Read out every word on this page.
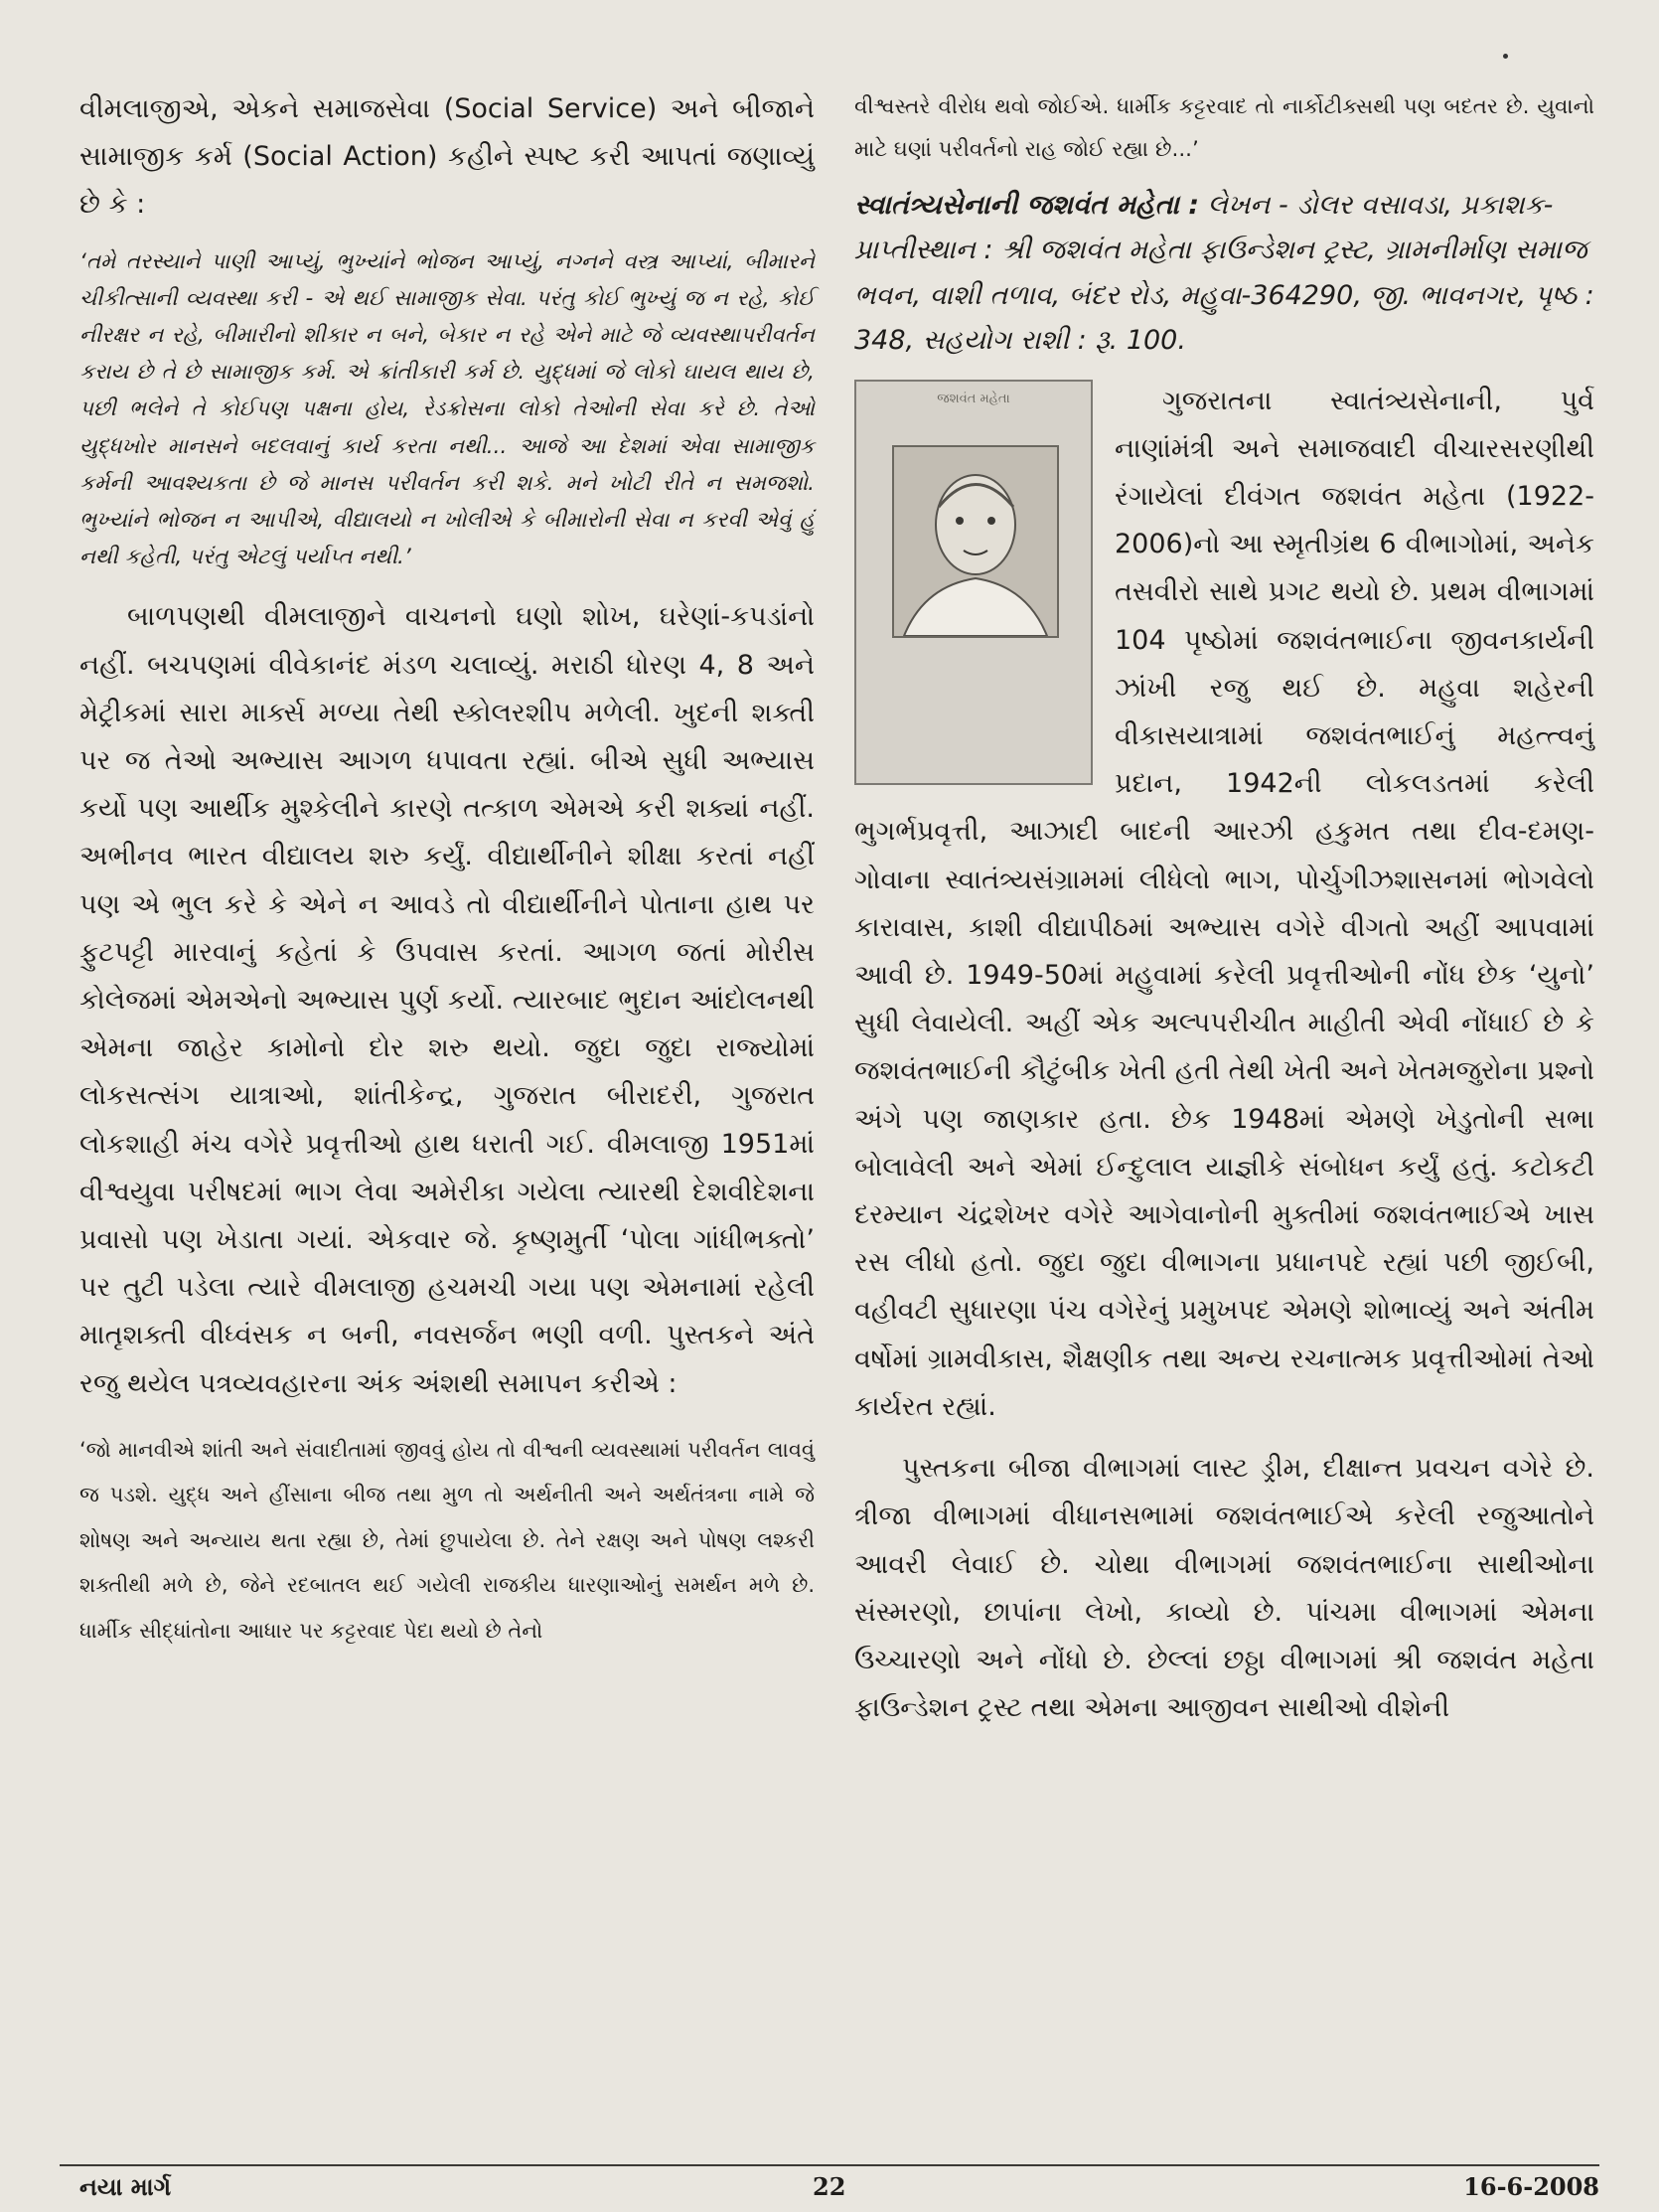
વીમલાજીએ, એકને સમાજસેવા (Social Service) અને બીજાને સામાજીક કર્મ (Social Action) કહીને સ્પષ્ટ કરી આપતાં જણાવ્યું છે કે :

‘તમે તરસ્યાને પાણી આપ્યું, ભુખ્યાંને ભોજન આપ્યું, નગ્નને વસ્ત્ર આપ્યાં, બીમારને ચીકીત્સાની વ્યવસ્થા કરી - એ થઈ સામાજીક સેવા. પરંતુ કોઈ ભુખ્યું જ ન રહે, કોઈ નીરક્ષર ન રહે, બીમારીનો શીકાર ન બને, બેકાર ન રહે એને માટે જે વ્યવસ્થાપરીવર્તન કરાય છે તે છે સામાજીક કર્મ. એ ક્રાંતીકારી કર્મ છે. યુદ્ધમાં જે લોકો ઘાયલ થાય છે, પછી ભલેને તે કોઈપણ પક્ષના હોય, રેડક્રોસના લોકો તેઓની સેવા કરે છે. તેઓ યુદ્ધખોર માનસને બદલવાનું કાર્ય કરતા નથી... આજે આ દેશમાં એવા સામાજીક કર્મની આવશ્યકતા છે જે માનસ પરીવર્તન કરી શકે. મને ખોટી રીતે ન સમજશો. ભુખ્યાંને ભોજન ન આપીએ, વીદ્યાલયો ન ખોલીએ કે બીમારોની સેવા ન કરવી એવું હું નથી કહેતી, પરંતુ એટલું પર્યાપ્ત નથી.’

બાળપણથી વીમલાજીને વાચનનો ઘણો શોખ, ઘરેણાં-કપડાંનો નહીં. બચપણમાં વીવેકાનંદ મંડળ ચલાવ્યું. મરાઠી ધોરણ 4, 8 અને મેટ્રીકમાં સારા માર્ક્સ મળ્યા તેથી સ્કોલરશીપ મળેલી. ખુદની શક્તી પર જ તેઓ અભ્યાસ આગળ ધપાવતા રહ્યાં. બીએ સુધી અભ્યાસ કર્યો પણ આર્થીક મુશ્કેલીને કારણે તત્કાળ એમએ કરી શક્યાં નહીં. અભીનવ ભારત વીદ્યાલય શરુ કર્યું. વીદ્યાર્થીનીને શીક્ષા કરતાં નહીં પણ એ ભુલ કરે કે એને ન આવડે તો વીદ્યાર્થીનીને પોતાના હાથ પર ફુટપટ્ટી મારવાનું કહેતાં કે ઉપવાસ કરતાં. આગળ જતાં મોરીસ કોલેજમાં એમએનો અભ્યાસ પુર્ણ કર્યો. ત્યારબાદ ભુદાન આંદોલનથી એમના જાહેર કામોનો દોર શરુ થયો. જુદા જુદા રાજ્યોમાં લોકસત્સંગ યાત્રાઓ, શાંતીકેન્દ્ર, ગુજરાત બીરાદરી, ગુજરાત લોકશાહી મંચ વગેરે પ્રવૃત્તીઓ હાથ ધરાતી ગઈ. વીમલાજી 1951માં વીશ્વયુવા પરીષદમાં ભાગ લેવા અમેરીકા ગયેલા ત્યારથી દેશવીદેશના પ્રવાસો પણ ખેડાતા ગયાં. એકવાર જે. કૃષ્ણમુર્તી ‘પોલા ગાંધીભક્તો’ પર તુટી પડેલા ત્યારે વીમલાજી હચમચી ગયા પણ એમનામાં રહેલી માતૃશક્તી વીધ્વંસક ન બની, નવસર્જન ભણી વળી. પુસ્તકને અંતે રજુ થયેલ પત્રવ્યવહારના અંક અંશથી સમાપન કરીએ :

‘જો માનવીએ શાંતી અને સંવાદીતામાં જીવવું હોય તો વીશ્વની વ્યવસ્થામાં પરીવર્તન લાવવું જ પડશે. યુદ્ધ અને હીંસાના બીજ તથા મુળ તો અર્થનીતી અને અર્થતંત્રના નામે જે શોષણ અને અન્યાય થતા રહ્યા છે, તેમાં છુપાયેલા છે. તેને રક્ષણ અને પોષણ લશ્કરી શક્તીથી મળે છે, જેને રદબાતલ થઈ ગયેલી રાજકીય ધારણાઓનું સમર્થન મળે છે. ધાર્મીક સીદ્ધાંતોના આધાર પર કટ્ટરવાદ પેદા થયો છે તેનો

વીશ્વસ્તરે વીરોધ થવો જોઈએ. ધાર્મીક કટ્ટરવાદ તો નાર્કોટીક્સથી પણ બદતર છે. યુવાનો માટે ઘણાં પરીવર્તનો રાહ જોઈ રહ્યા છે...’

સ્વાતંત્ર્યસેનાની જશવંત મહેતા : લેખન - ડોલર વસાવડા, પ્રકાશક- પ્રાપ્તીસ્થાન : શ્રી જશવંત મહેતા ફાઉન્ડેશન ટ્રસ્ટ, ગ્રામનીર્માણ સમાજ ભવન, વાશી તળાવ, બંદર રોડ, મહુવા-364290, જી. ભાવનગર, પૃષ્ઠ : 348, સહયોગ રાશી : રૂ. 100.

જશવંત મહેતા	ગુજરાતના સ્વાતંત્ર્યસેનાની, પુર્વ નાણાંમંત્રી અને સમાજવાદી વીચારસરણીથી રંગાયેલાં દીવંગત જશવંત મહેતા (1922-2006)નો આ સ્મૃતીગ્રંથ 6 વીભાગોમાં, અનેક તસવીરો સાથે પ્રગટ થયો છે. પ્રથમ વીભાગમાં 104 પૃષ્ઠોમાં જશવંતભાઈના જીવનકાર્યની ઝાંખી રજુ થઈ છે. મહુવા શહેરની વીકાસયાત્રામાં જશવંતભાઈનું મહત્ત્વનું પ્રદાન, 1942ની લોકલડતમાં કરેલી ભુગર્ભપ્રવૃત્તી, આઝાદી બાદની આરઝી હકુમત તથા દીવ-દમણ- ગોવાના સ્વાતંત્ર્યસંગ્રામમાં લીધેલો ભાગ, પોર્ચુગીઝશાસનમાં ભોગવેલો કારાવાસ, કાશી વીદ્યાપીઠમાં અભ્યાસ વગેરે વીગતો અહીં આપવામાં આવી છે. 1949-50માં મહુવામાં કરેલી પ્રવૃત્તીઓની નોંધ છેક ‘યુનો’ સુધી લેવાયેલી. અહીં એક અલ્પપરીચીત માહીતી એવી નોંધાઈ છે કે જશવંતભાઈની કૌટુંબીક ખેતી હતી તેથી ખેતી અને ખેતમજુરોના પ્રશ્નો અંગે પણ જાણકાર હતા. છેક 1948માં એમણે ખેડુતોની સભા બોલાવેલી અને એમાં ઈન્દુલાલ યાજ્ઞીકે સંબોધન કર્યું હતું. કટોકટી દરમ્યાન ચંદ્રશેખર વગેરે આગેવાનોની મુક્તીમાં જશવંતભાઈએ ખાસ રસ લીધો હતો. જુદા જુદા વીભાગના પ્રધાનપદે રહ્યાં પછી જીઈબી, વહીવટી સુધારણા પંચ વગેરેનું પ્રમુખપદ એમણે શોભાવ્યું અને અંતીમ વર્ષોમાં ગ્રામવીકાસ, શૈક્ષણીક તથા અન્ય રચનાત્મક પ્રવૃત્તીઓમાં તેઓ કાર્યરત રહ્યાં.

પુસ્તકના બીજા વીભાગમાં લાસ્ટ ડ્રીમ, દીક્ષાન્ત પ્રવચન વગેરે છે. ત્રીજા વીભાગમાં વીધાનસભામાં જશવંતભાઈએ કરેલી રજુઆતોને આવરી લેવાઈ છે. ચોથા વીભાગમાં જશવંતભાઈના સાથીઓના સંસ્મરણો, છાપાંના લેખો, કાવ્યો છે. પાંચમા વીભાગમાં એમના ઉચ્ચારણો અને નોંધો છે. છેલ્લાં છઠ્ઠા વીભાગમાં શ્રી જશવંત મહેતા ફાઉન્ડેશન ટ્રસ્ટ તથા એમના આજીવન સાથીઓ વીશેની

નયા માર્ગ	22	16-6-2008
